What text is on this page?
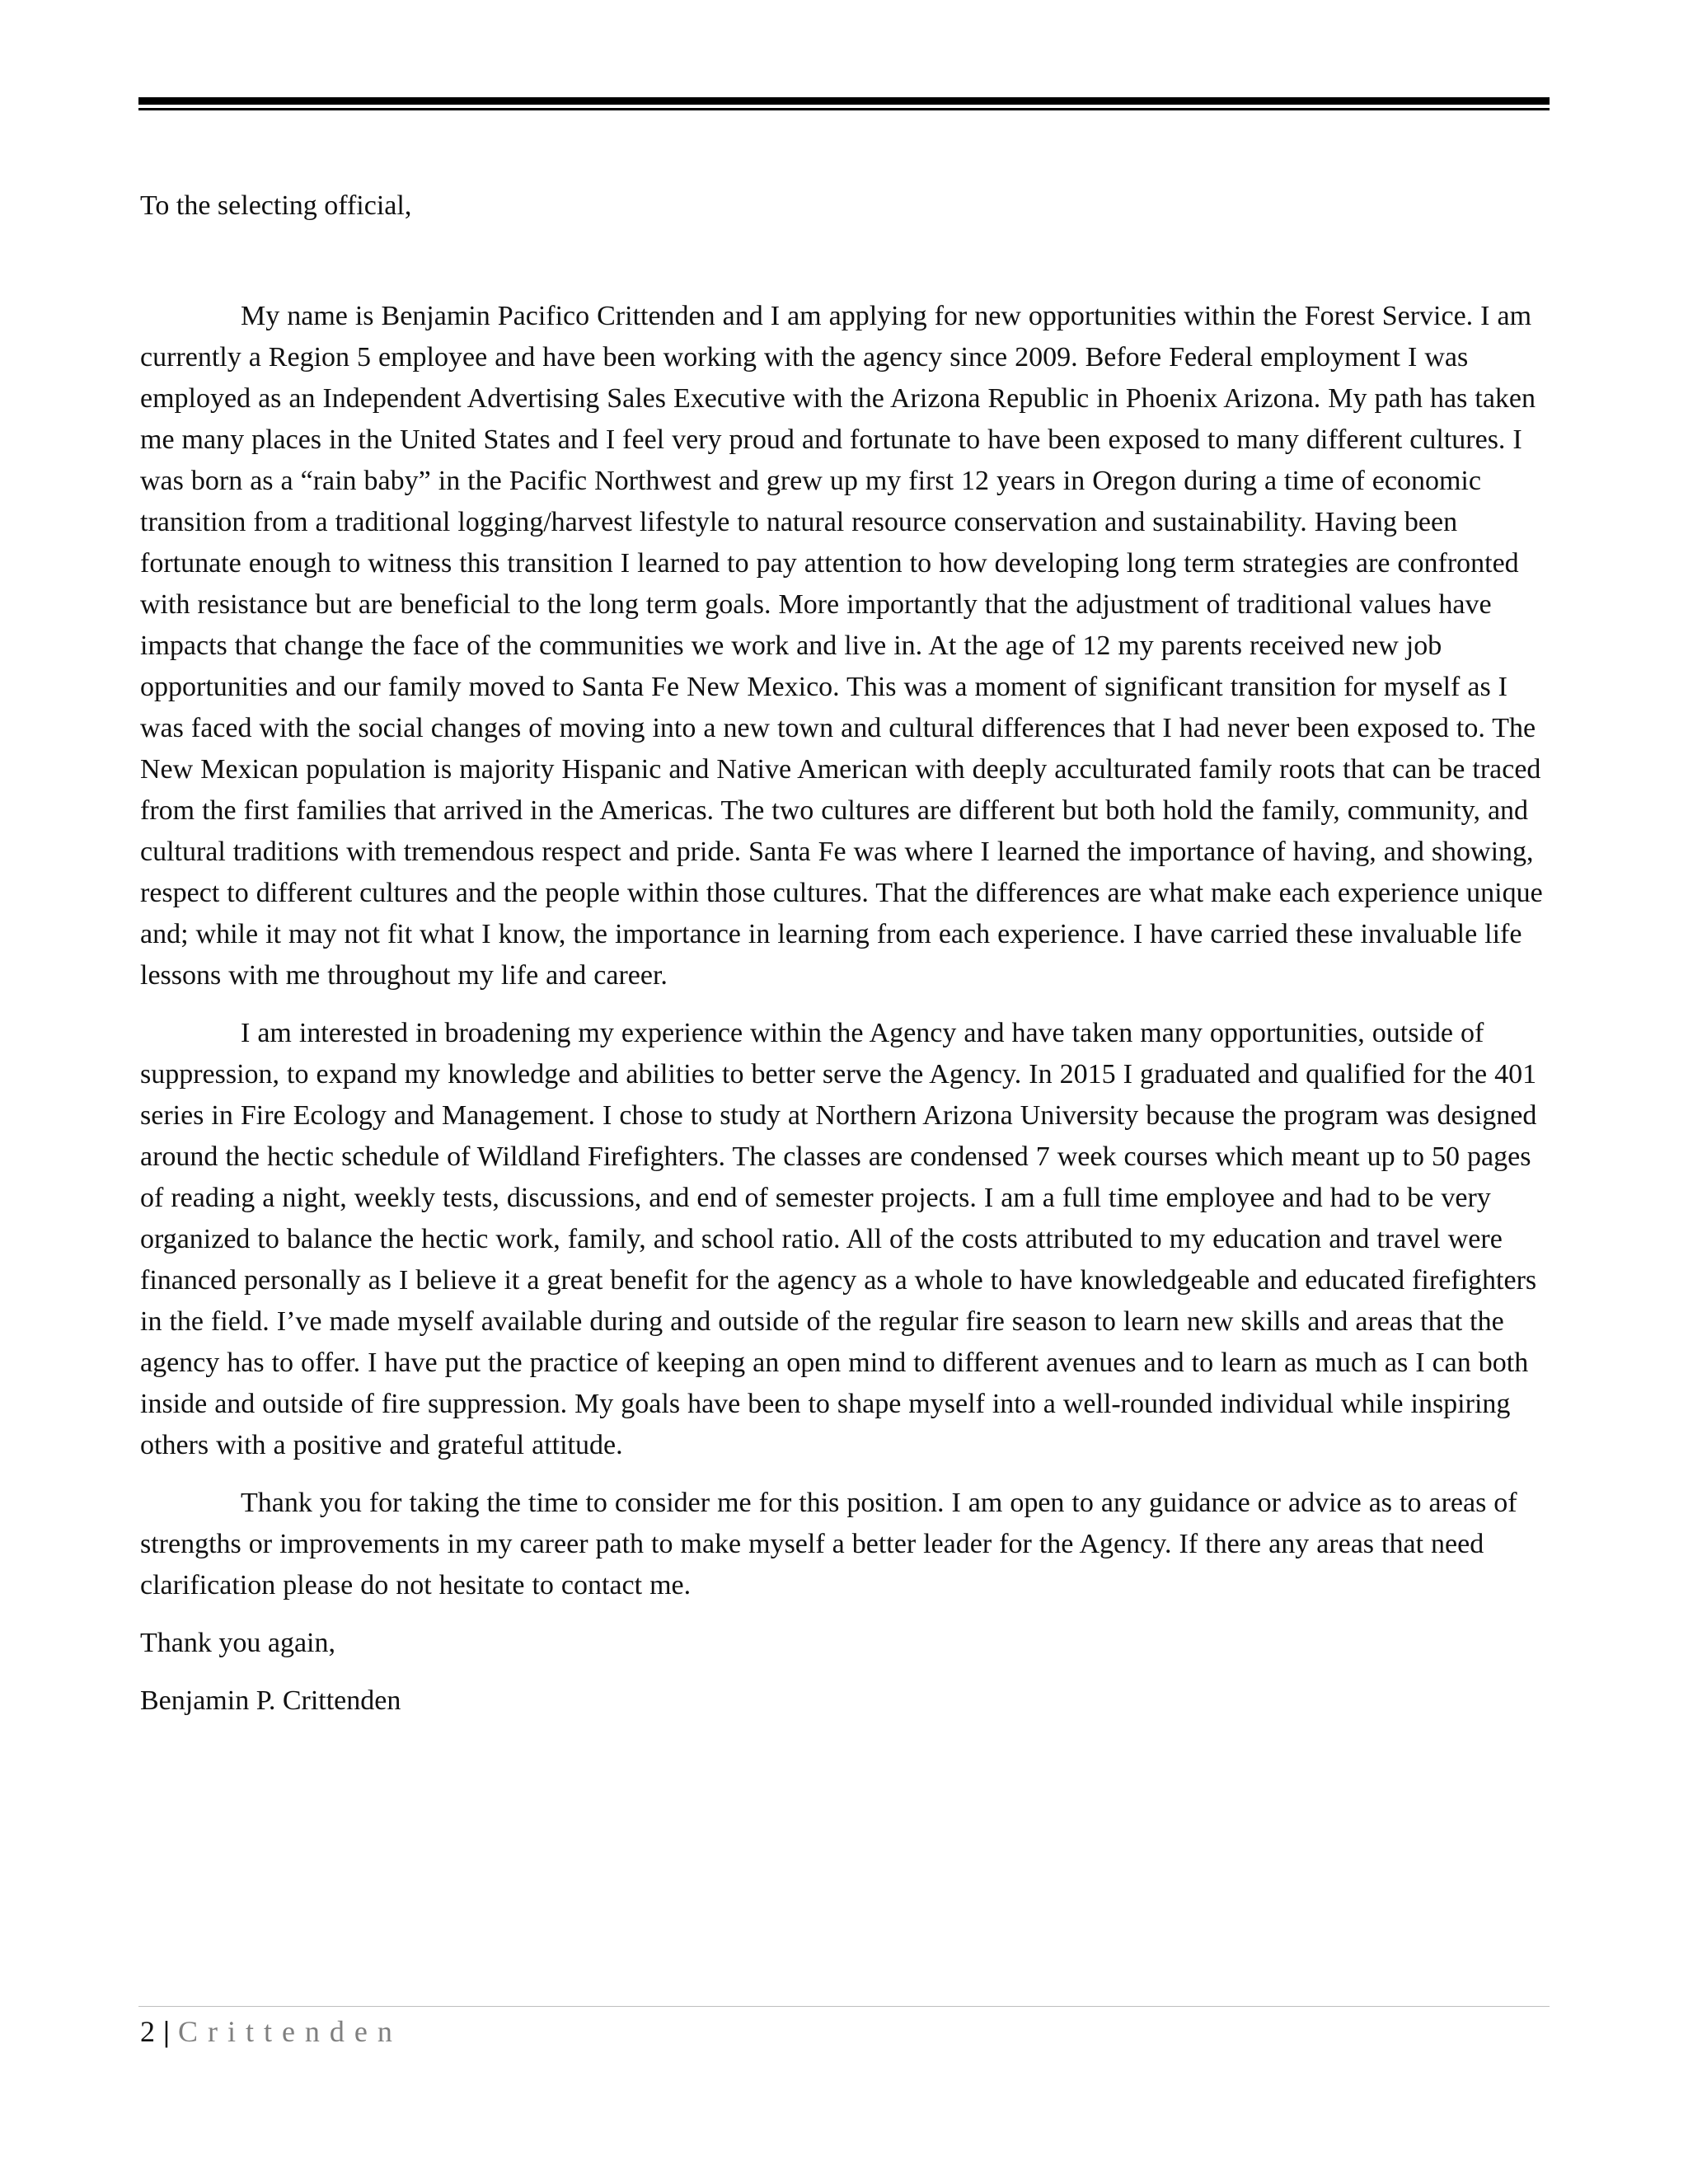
To the selecting official,

My name is Benjamin Pacifico Crittenden and I am applying for new opportunities within the Forest Service. I am currently a Region 5 employee and have been working with the agency since 2009. Before Federal employment I was employed as an Independent Advertising Sales Executive with the Arizona Republic in Phoenix Arizona. My path has taken me many places in the United States and I feel very proud and fortunate to have been exposed to many different cultures. I was born as a “rain baby” in the Pacific Northwest and grew up my first 12 years in Oregon during a time of economic transition from a traditional logging/harvest lifestyle to natural resource conservation and sustainability. Having been fortunate enough to witness this transition I learned to pay attention to how developing long term strategies are confronted with resistance but are beneficial to the long term goals. More importantly that the adjustment of traditional values have impacts that change the face of the communities we work and live in. At the age of 12 my parents received new job opportunities and our family moved to Santa Fe New Mexico. This was a moment of significant transition for myself as I was faced with the social changes of moving into a new town and cultural differences that I had never been exposed to. The New Mexican population is majority Hispanic and Native American with deeply acculturated family roots that can be traced from the first families that arrived in the Americas. The two cultures are different but both hold the family, community, and cultural traditions with tremendous respect and pride. Santa Fe was where I learned the importance of having, and showing, respect to different cultures and the people within those cultures. That the differences are what make each experience unique and; while it may not fit what I know, the importance in learning from each experience. I have carried these invaluable life lessons with me throughout my life and career.

I am interested in broadening my experience within the Agency and have taken many opportunities, outside of suppression, to expand my knowledge and abilities to better serve the Agency. In 2015 I graduated and qualified for the 401 series in Fire Ecology and Management. I chose to study at Northern Arizona University because the program was designed around the hectic schedule of Wildland Firefighters. The classes are condensed 7 week courses which meant up to 50 pages of reading a night, weekly tests, discussions, and end of semester projects. I am a full time employee and had to be very organized to balance the hectic work, family, and school ratio. All of the costs attributed to my education and travel were financed personally as I believe it a great benefit for the agency as a whole to have knowledgeable and educated firefighters in the field. I’ve made myself available during and outside of the regular fire season to learn new skills and areas that the agency has to offer. I have put the practice of keeping an open mind to different avenues and to learn as much as I can both inside and outside of fire suppression. My goals have been to shape myself into a well-rounded individual while inspiring others with a positive and grateful attitude.

Thank you for taking the time to consider me for this position. I am open to any guidance or advice as to areas of strengths or improvements in my career path to make myself a better leader for the Agency. If there any areas that need clarification please do not hesitate to contact me.

Thank you again,

Benjamin P. Crittenden

2 | Crittenden
